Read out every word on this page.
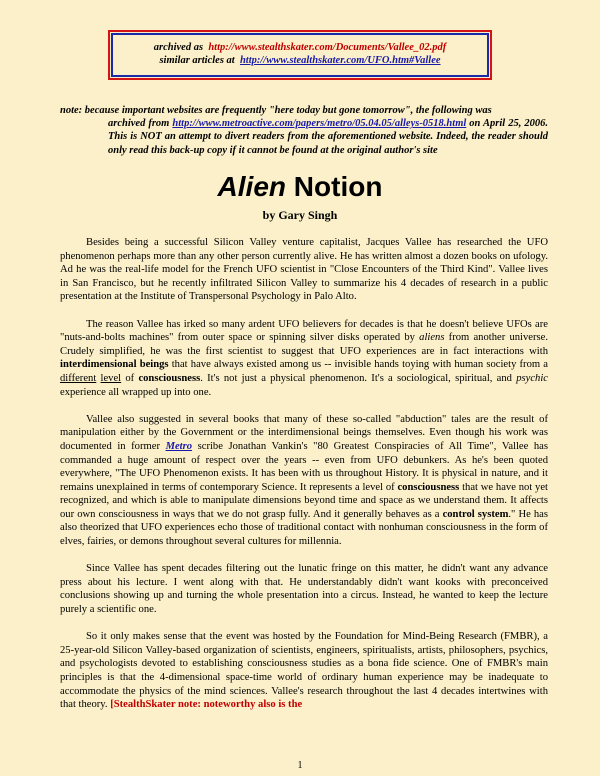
archived as http://www.stealthskater.com/Documents/Vallee_02.pdf
similar articles at http://www.stealthskater.com/UFO.htm#Vallee
note: because important websites are frequently "here today but gone tomorrow", the following was
archived from http://www.metroactive.com/papers/metro/05.04.05/alleys-0518.html on April 25, 2006. This is NOT an attempt to divert readers from the aforementioned website. Indeed, the reader should only read this back-up copy if it cannot be found at the original author's site
Alien Notion
by Gary Singh

Besides being a successful Silicon Valley venture capitalist, Jacques Vallee has researched the UFO phenomenon perhaps more than any other person currently alive. He has written almost a dozen books on ufology. Ad he was the real-life model for the French UFO scientist in "Close Encounters of the Third Kind". Vallee lives in San Francisco, but he recently infiltrated Silicon Valley to summarize his 4 decades of research in a public presentation at the Institute of Transpersonal Psychology in Palo Alto.

The reason Vallee has irked so many ardent UFO believers for decades is that he doesn't believe UFOs are "nuts-and-bolts machines" from outer space or spinning silver disks operated by aliens from another universe. Crudely simplified, he was the first scientist to suggest that UFO experiences are in fact interactions with interdimensional beings that have always existed among us -- invisible hands toying with human society from a different level of consciousness. It's not just a physical phenomenon. It's a sociological, spiritual, and psychic experience all wrapped up into one.

Vallee also suggested in several books that many of these so-called "abduction" tales are the result of manipulation either by the Government or the interdimensional beings themselves. Even though his work was documented in former Metro scribe Jonathan Vankin's "80 Greatest Conspiracies of All Time", Vallee has commanded a huge amount of respect over the years -- even from UFO debunkers. As he's been quoted everywhere, "The UFO Phenomenon exists. It has been with us throughout History. It is physical in nature, and it remains unexplained in terms of contemporary Science. It represents a level of consciousness that we have not yet recognized, and which is able to manipulate dimensions beyond time and space as we understand them. It affects our own consciousness in ways that we do not grasp fully. And it generally behaves as a control system." He has also theorized that UFO experiences echo those of traditional contact with nonhuman consciousness in the form of elves, fairies, or demons throughout several cultures for millennia.

Since Vallee has spent decades filtering out the lunatic fringe on this matter, he didn't want any advance press about his lecture. I went along with that. He understandably didn't want kooks with preconceived conclusions showing up and turning the whole presentation into a circus. Instead, he wanted to keep the lecture purely a scientific one.

So it only makes sense that the event was hosted by the Foundation for Mind-Being Research (FMBR), a 25-year-old Silicon Valley-based organization of scientists, engineers, spiritualists, artists, philosophers, psychics, and psychologists devoted to establishing consciousness studies as a bona fide science. One of FMBR's main principles is that the 4-dimensional space-time world of ordinary human experience may be inadequate to accommodate the physics of the mind sciences. Vallee's research throughout the last 4 decades intertwines with that theory. [StealthSkater note: noteworthy also is the

1
